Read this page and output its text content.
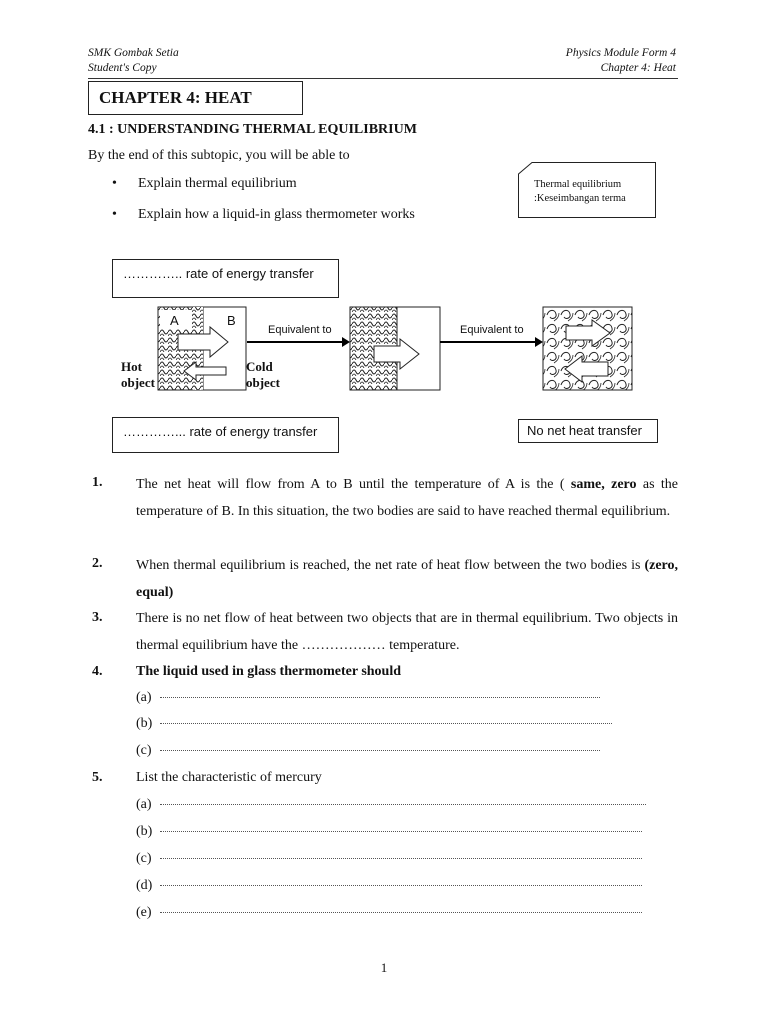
SMK Gombak Setia
Student's Copy
Physics Module Form 4
Chapter 4: Heat
CHAPTER 4: HEAT
4.1 : UNDERSTANDING THERMAL EQUILIBRIUM
By the end of this subtopic, you will be able to
• Explain thermal equilibrium
• Explain how a liquid-in glass thermometer works
Thermal equilibrium
:Keseimbangan terma
………….. rate of energy transfer
…………... rate of energy transfer	No net heat transfer
A	B
Equivalent to	Equivalent to
Hot
object
Cold
object
1. The net heat will flow from A to B until the temperature of A is the ( same, zero as the temperature of B. In this situation, the two bodies are said to have reached thermal equilibrium.
2. When thermal equilibrium is reached, the net rate of heat flow between the two bodies is (zero, equal)
3. There is no net flow of heat between two objects that are in thermal equilibrium. Two objects in thermal equilibrium have the ……………… temperature.
4. The liquid used in glass thermometer should
(a)
(b)
(c)
5. List the characteristic of mercury
(a)
(b)
(c)
(d)
(e)
1
